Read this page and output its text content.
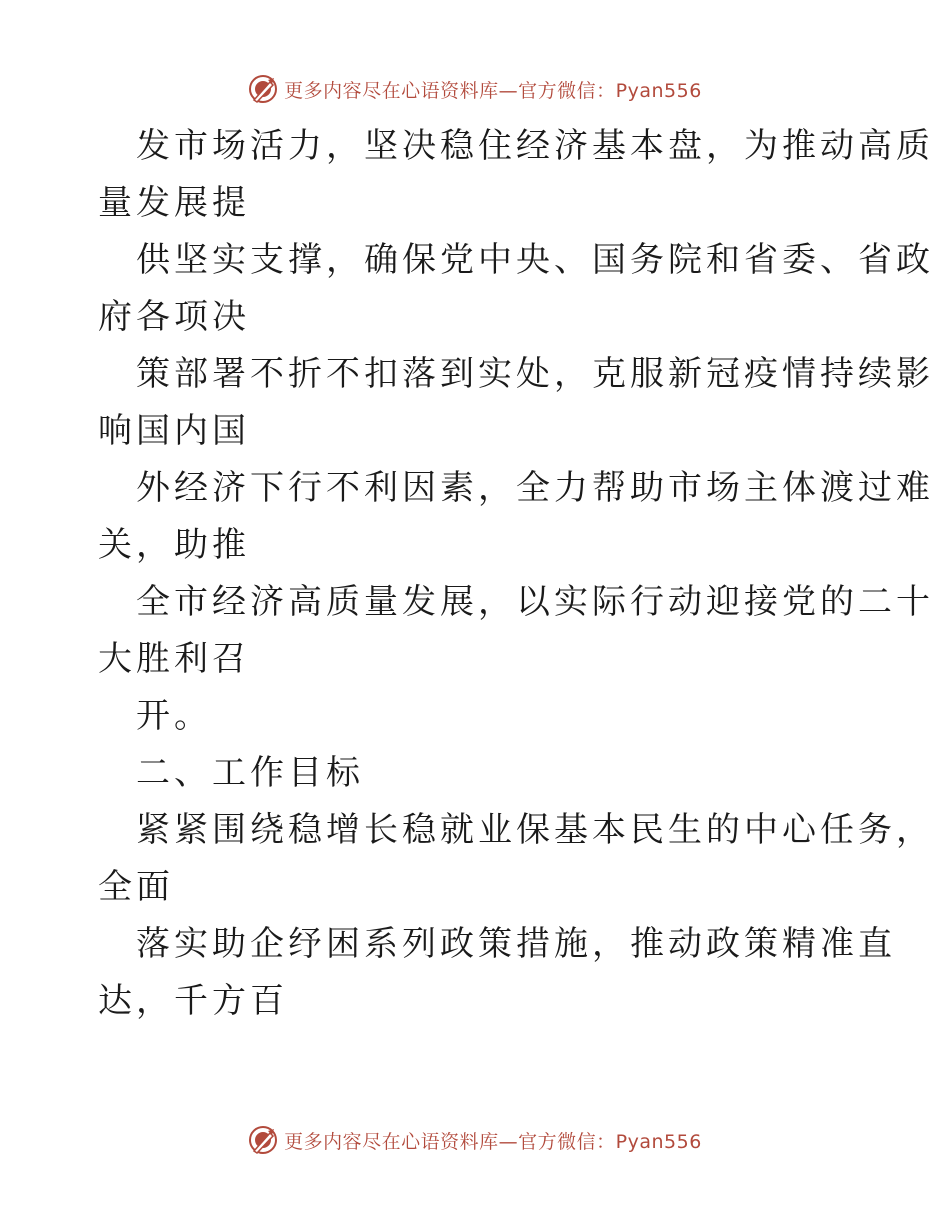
更多内容尽在心语资料库—官方微信：Pyan556

发市场活力，坚决稳住经济基本盘，为推动高质

量发展提

供坚实支撑，确保党中央、国务院和省委、省政

府各项决

策部署不折不扣落到实处，克服新冠疫情持续影

响国内国

外经济下行不利因素，全力帮助市场主体渡过难

关，助推

全市经济高质量发展，以实际行动迎接党的二十

大胜利召

开。

二、工作目标

紧紧围绕稳增长稳就业保基本民生的中心任务，

全面

落实助企纾困系列政策措施，推动政策精准直

达，千方百

更多内容尽在心语资料库—官方微信：Pyan556
